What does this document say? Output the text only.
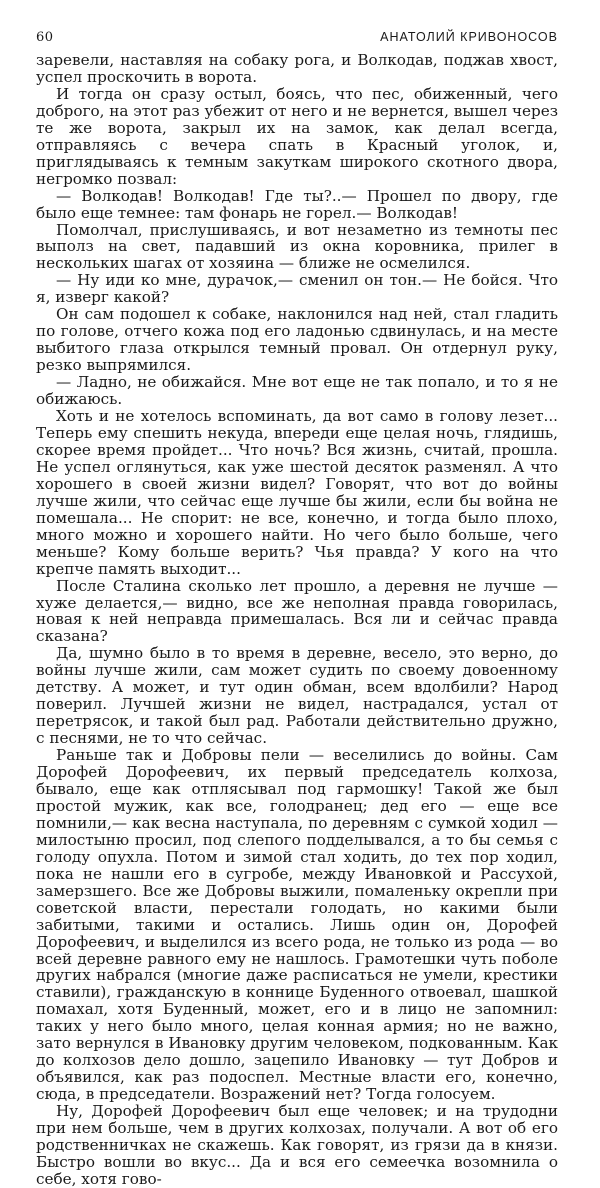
60	АНАТОЛИЙ КРИВОНОСОВ

заревели, наставляя на собаку рога, и Волкодав, поджав хвост, успел проскочить в ворота.

И тогда он сразу остыл, боясь, что пес, обиженный, чего доброго, на этот раз убежит от него и не вернется, вышел через те же ворота, закрыл их на замок, как делал всегда, отправляясь с вечера спать в Красный уголок, и, приглядываясь к темным закуткам широкого скотного двора, негромко позвал:

— Волкодав! Волкодав! Где ты?..— Прошел по двору, где было еще темнее: там фонарь не горел.— Волкодав!

Помолчал, прислушиваясь, и вот незаметно из темноты пес выполз на свет, падавший из окна коровника, прилег в нескольких шагах от хозяина — ближе не осмелился.

— Ну иди ко мне, дурачок,— сменил он тон.— Не бойся. Что я, изверг какой?

Он сам подошел к собаке, наклонился над ней, стал гладить по голове, отчего кожа под его ладонью сдвинулась, и на месте выбитого глаза открылся темный провал. Он отдернул руку, резко выпрямился.

— Ладно, не обижайся. Мне вот еще не так попало, и то я не обижаюсь.

Хоть и не хотелось вспоминать, да вот само в голову лезет... Теперь ему спешить некуда, впереди еще целая ночь, глядишь, скорее время пройдет... Что ночь? Вся жизнь, считай, прошла. Не успел оглянуться, как уже шестой десяток разменял. А что хорошего в своей жизни видел? Говорят, что вот до войны лучше жили, что сейчас еще лучше бы жили, если бы война не помешала... Не спорит: не все, конечно, и тогда было плохо, много можно и хорошего найти. Но чего было больше, чего меньше? Кому больше верить? Чья правда? У кого на что крепче память выходит...

После Сталина сколько лет прошло, а деревня не лучше — хуже делается,— видно, все же неполная правда говорилась, новая к ней неправда примешалась. Вся ли и сейчас правда сказана?

Да, шумно было в то время в деревне, весело, это верно, до войны лучше жили, сам может судить по своему довоенному детству. А может, и тут один обман, всем вдолбили? Народ поверил. Лучшей жизни не видел, настрадался, устал от перетрясок, и такой был рад. Работали действительно дружно, с песнями, не то что сейчас.

Раньше так и Добровы пели — веселились до войны. Сам Дорофей Дорофеевич, их первый председатель колхоза, бывало, еще как отплясывал под гармошку! Такой же был простой мужик, как все, голодранец; дед его — еще все помнили,— как весна наступала, по деревням с сумкой ходил — милостыню просил, под слепого подделывался, а то бы семья с голоду опухла. Потом и зимой стал ходить, до тех пор ходил, пока не нашли его в сугробе, между Ивановкой и Рассухой, замерзшего. Все же Добровы выжили, помаленьку окрепли при советской власти, перестали голодать, но какими были забитыми, такими и остались. Лишь один он, Дорофей Дорофеевич, и выделился из всего рода, не только из рода — во всей деревне равного ему не нашлось. Грамотешки чуть поболе других набрался (многие даже расписаться не умели, крестики ставили), гражданскую в коннице Буденного отвоевал, шашкой помахал, хотя Буденный, может, его и в лицо не запомнил: таких у него было много, целая конная армия; но не важно, зато вернулся в Ивановку другим человеком, подкованным. Как до колхозов дело дошло, зацепило Ивановку — тут Добров и объявился, как раз подоспел. Местные власти его, конечно, сюда, в председатели. Возражений нет? Тогда голосуем.

Ну, Дорофей Дорофеевич был еще человек; и на трудодни при нем больше, чем в других колхозах, получали. А вот об его родственничках не скажешь. Как говорят, из грязи да в князи. Быстро вошли во вкус... Да и вся его семеечка возомнила о себе, хотя гово-
